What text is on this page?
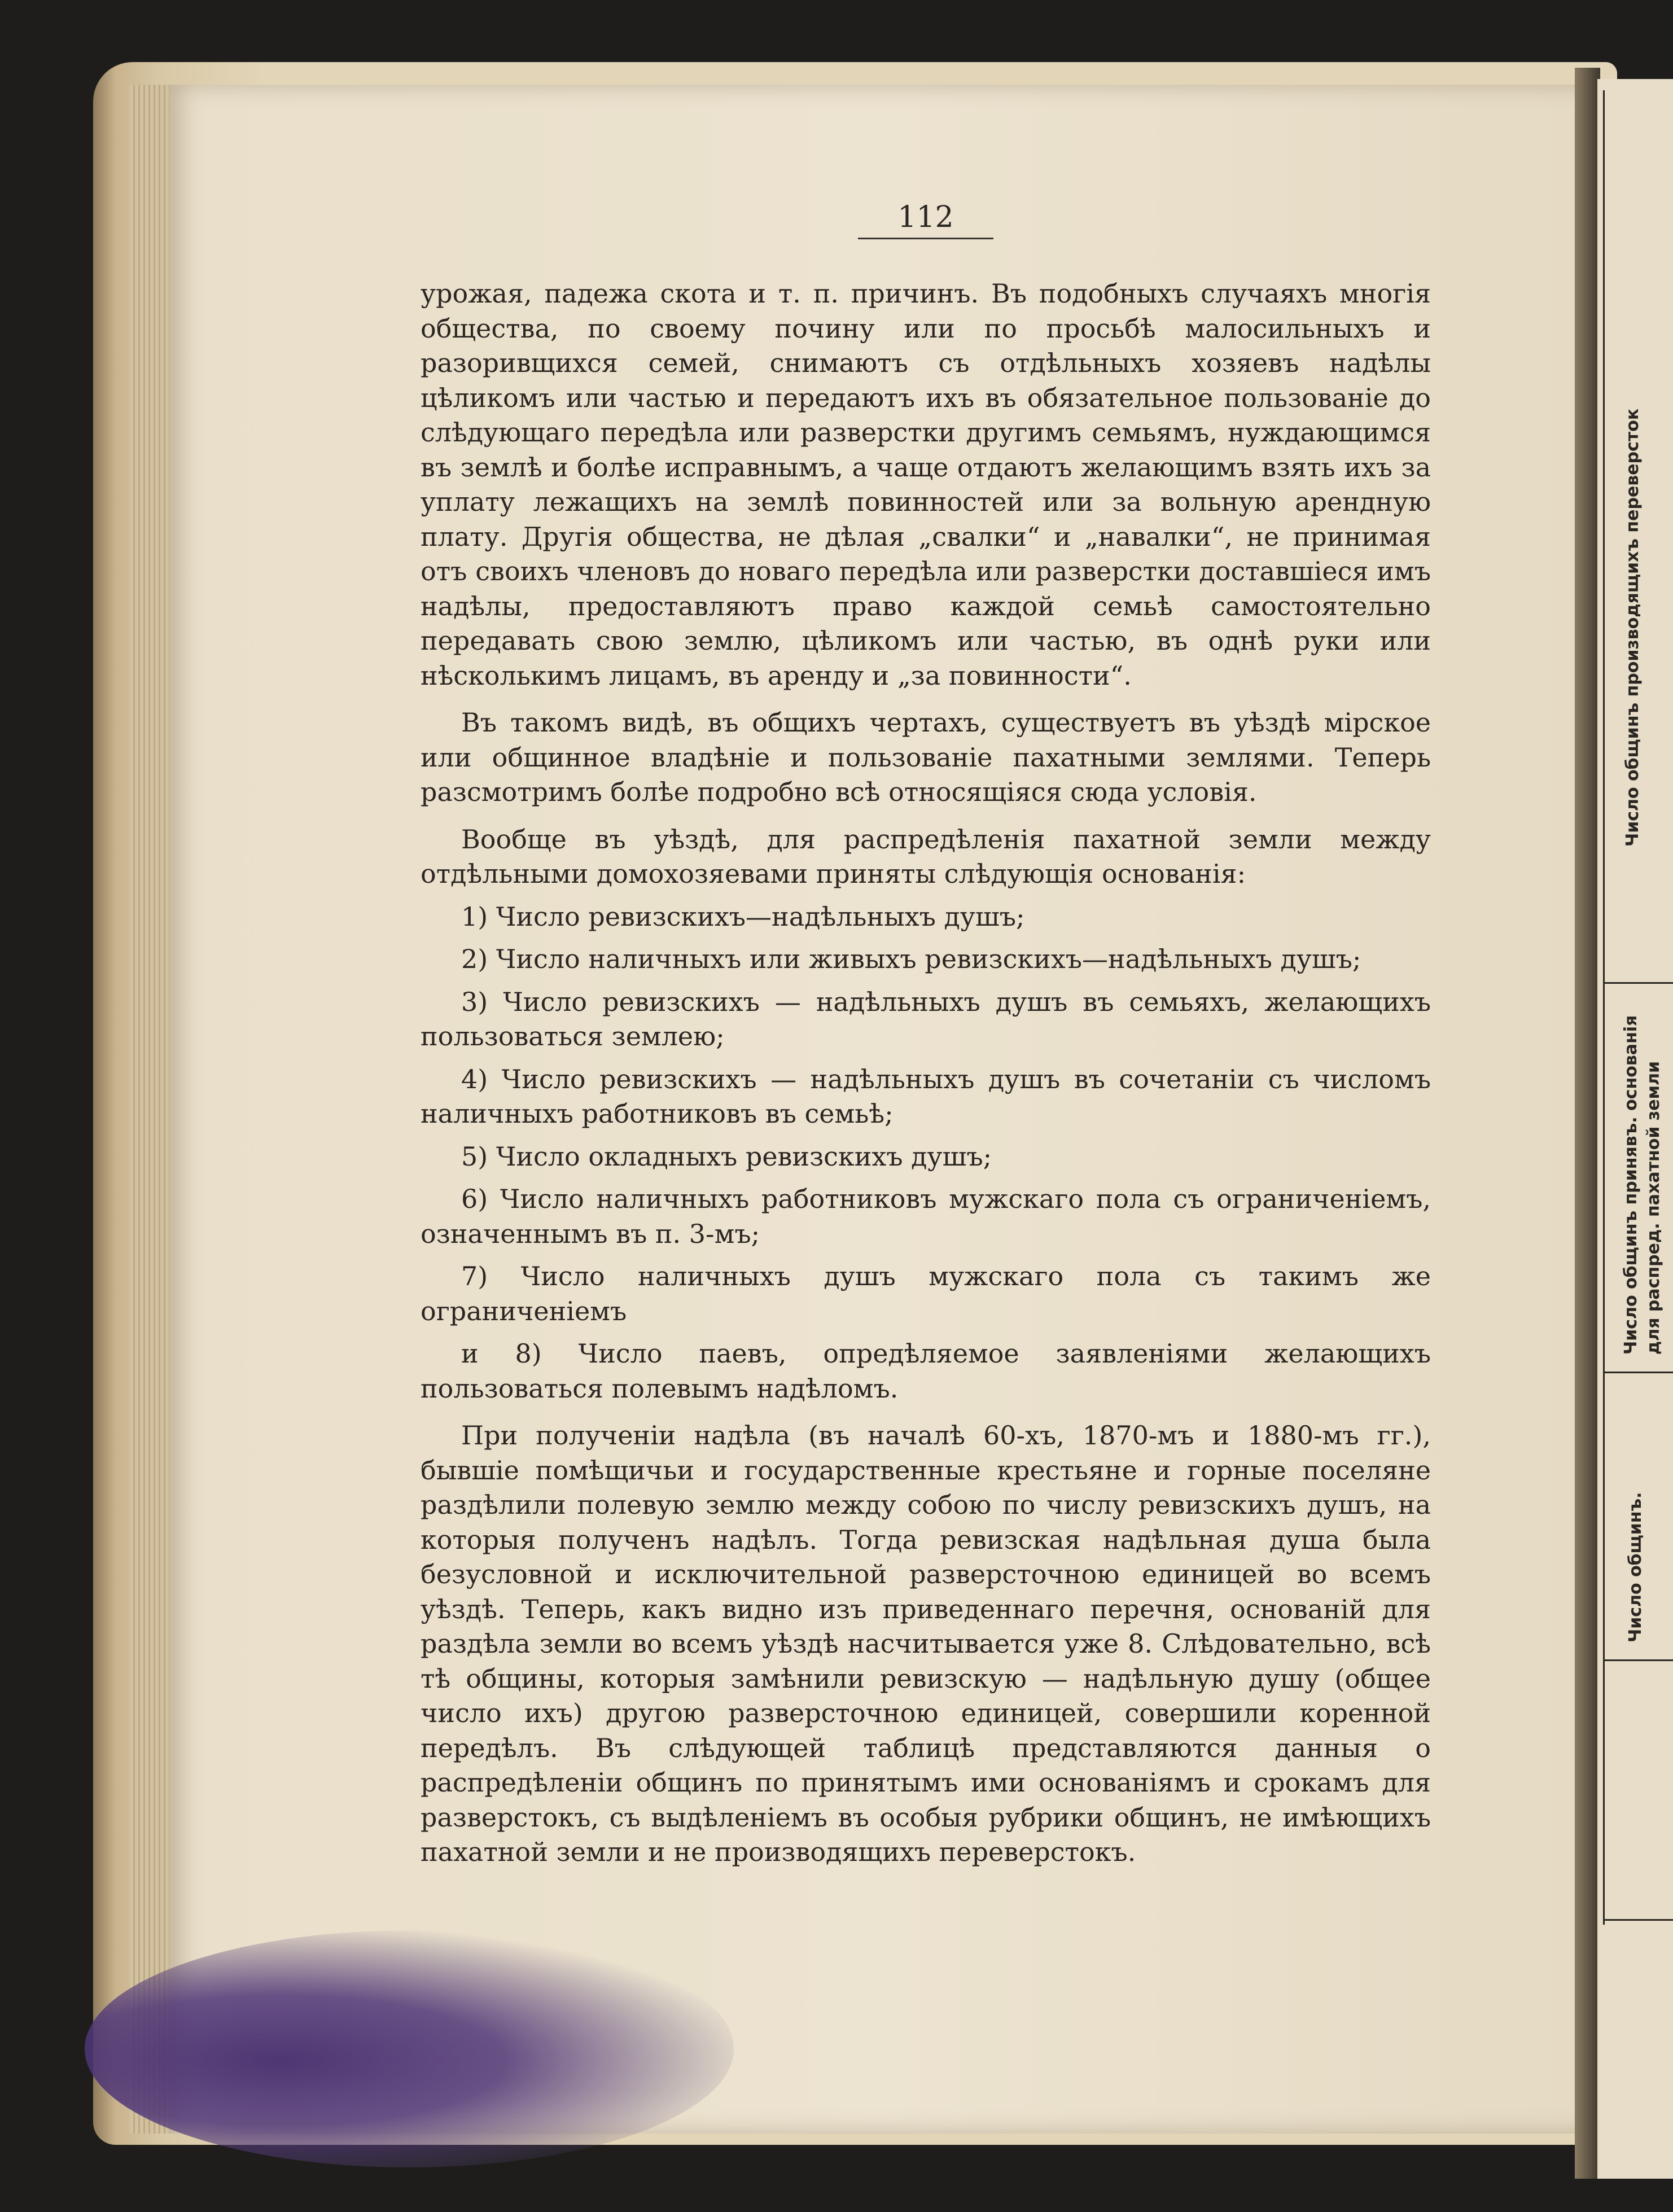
112

урожая, падежа скота и т. п. причинъ. Въ подобныхъ случаяхъ многія общества, по своему почину или по просьбѣ малосильныхъ и разоривщихся семей, снимаютъ съ отдѣльныхъ хозяевъ надѣлы цѣликомъ или частью и передаютъ ихъ въ обязательное пользованіе до слѣдующаго передѣла или разверстки другимъ семьямъ, нуждающимся въ землѣ и болѣе исправнымъ, а чаще отдаютъ желающимъ взять ихъ за уплату лежащихъ на землѣ повинностей или за вольную арендную плату. Другія общества, не дѣлая „свалки“ и „навалки“, не принимая отъ своихъ членовъ до новаго передѣла или разверстки доставшіеся имъ надѣлы, предоставляютъ право каждой семьѣ самостоятельно передавать свою землю, цѣликомъ или частью, въ однѣ руки или нѣсколькимъ лицамъ, въ аренду и „за повинности“.

Въ такомъ видѣ, въ общихъ чертахъ, существуетъ въ уѣздѣ мірское или общинное владѣніе и пользованіе пахатными землями. Теперь разсмотримъ болѣе подробно всѣ относящіяся сюда условія.

Вообще въ уѣздѣ, для распредѣленія пахатной земли между отдѣльными домохозяевами приняты слѣдующія основанія:

1) Число ревизскихъ—надѣльныхъ душъ;

2) Число наличныхъ или живыхъ ревизскихъ—надѣльныхъ душъ;

3) Число ревизскихъ — надѣльныхъ душъ въ семьяхъ, желающихъ пользоваться землею;

4) Число ревизскихъ — надѣльныхъ душъ въ сочетаніи съ числомъ наличныхъ работниковъ въ семьѣ;

5) Число окладныхъ ревизскихъ душъ;

6) Число наличныхъ работниковъ мужскаго пола съ ограниченіемъ, означеннымъ въ п. 3-мъ;

7) Число наличныхъ душъ мужскаго пола съ такимъ же ограниченіемъ

и 8) Число паевъ, опредѣляемое заявленіями желающихъ пользоваться полевымъ надѣломъ.

При полученіи надѣла (въ началѣ 60-хъ, 1870-мъ и 1880-мъ гг.), бывшіе помѣщичьи и государственные крестьяне и горные поселяне раздѣлили полевую землю между собою по числу ревизскихъ душъ, на которыя полученъ надѣлъ. Тогда ревизская надѣльная душа была безусловной и исключительной разверсточною единицей во всемъ уѣздѣ. Теперь, какъ видно изъ приведеннаго перечня, основаній для раздѣла земли во всемъ уѣздѣ насчитывается уже 8. Слѣдовательно, всѣ тѣ общины, которыя замѣнили ревизскую — надѣльную душу (общее число ихъ) другою разверсточною единицей, совершили коренной передѣлъ. Въ слѣдующей таблицѣ представляются данныя о распредѣленіи общинъ по принятымъ ими основаніямъ и срокамъ для разверстокъ, съ выдѣленіемъ въ особыя рубрики общинъ, не имѣющихъ пахатной земли и не производящихъ переверстокъ.

Число общинъ производящихъ переверсток
Число общинъ принявъ. основанія для распред. пахатной земли
Число общинъ.
